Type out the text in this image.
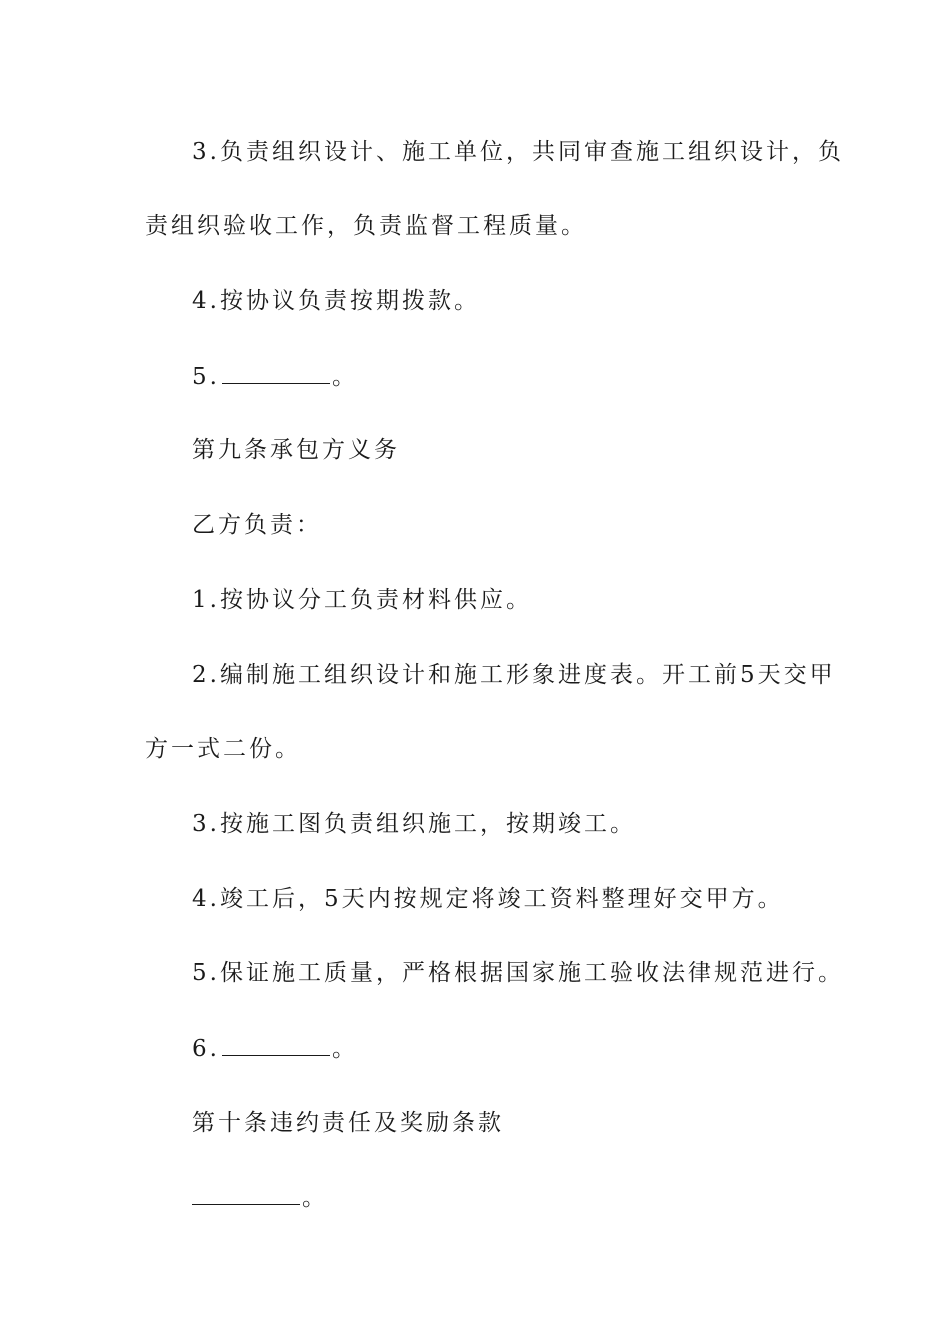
3.负责组织设计、施工单位，共同审查施工组织设计，负
责组织验收工作，负责监督工程质量。
4.按协议负责按期拨款。
5.	。
第九条承包方义务
乙方负责：
1.按协议分工负责材料供应。
2.编制施工组织设计和施工形象进度表。开工前5天交甲
方一式二份。
3.按施工图负责组织施工，按期竣工。
4.竣工后，5天内按规定将竣工资料整理好交甲方。
5.保证施工质量，严格根据国家施工验收法律规范进行。
6.	。
第十条违约责任及奖励条款
。
